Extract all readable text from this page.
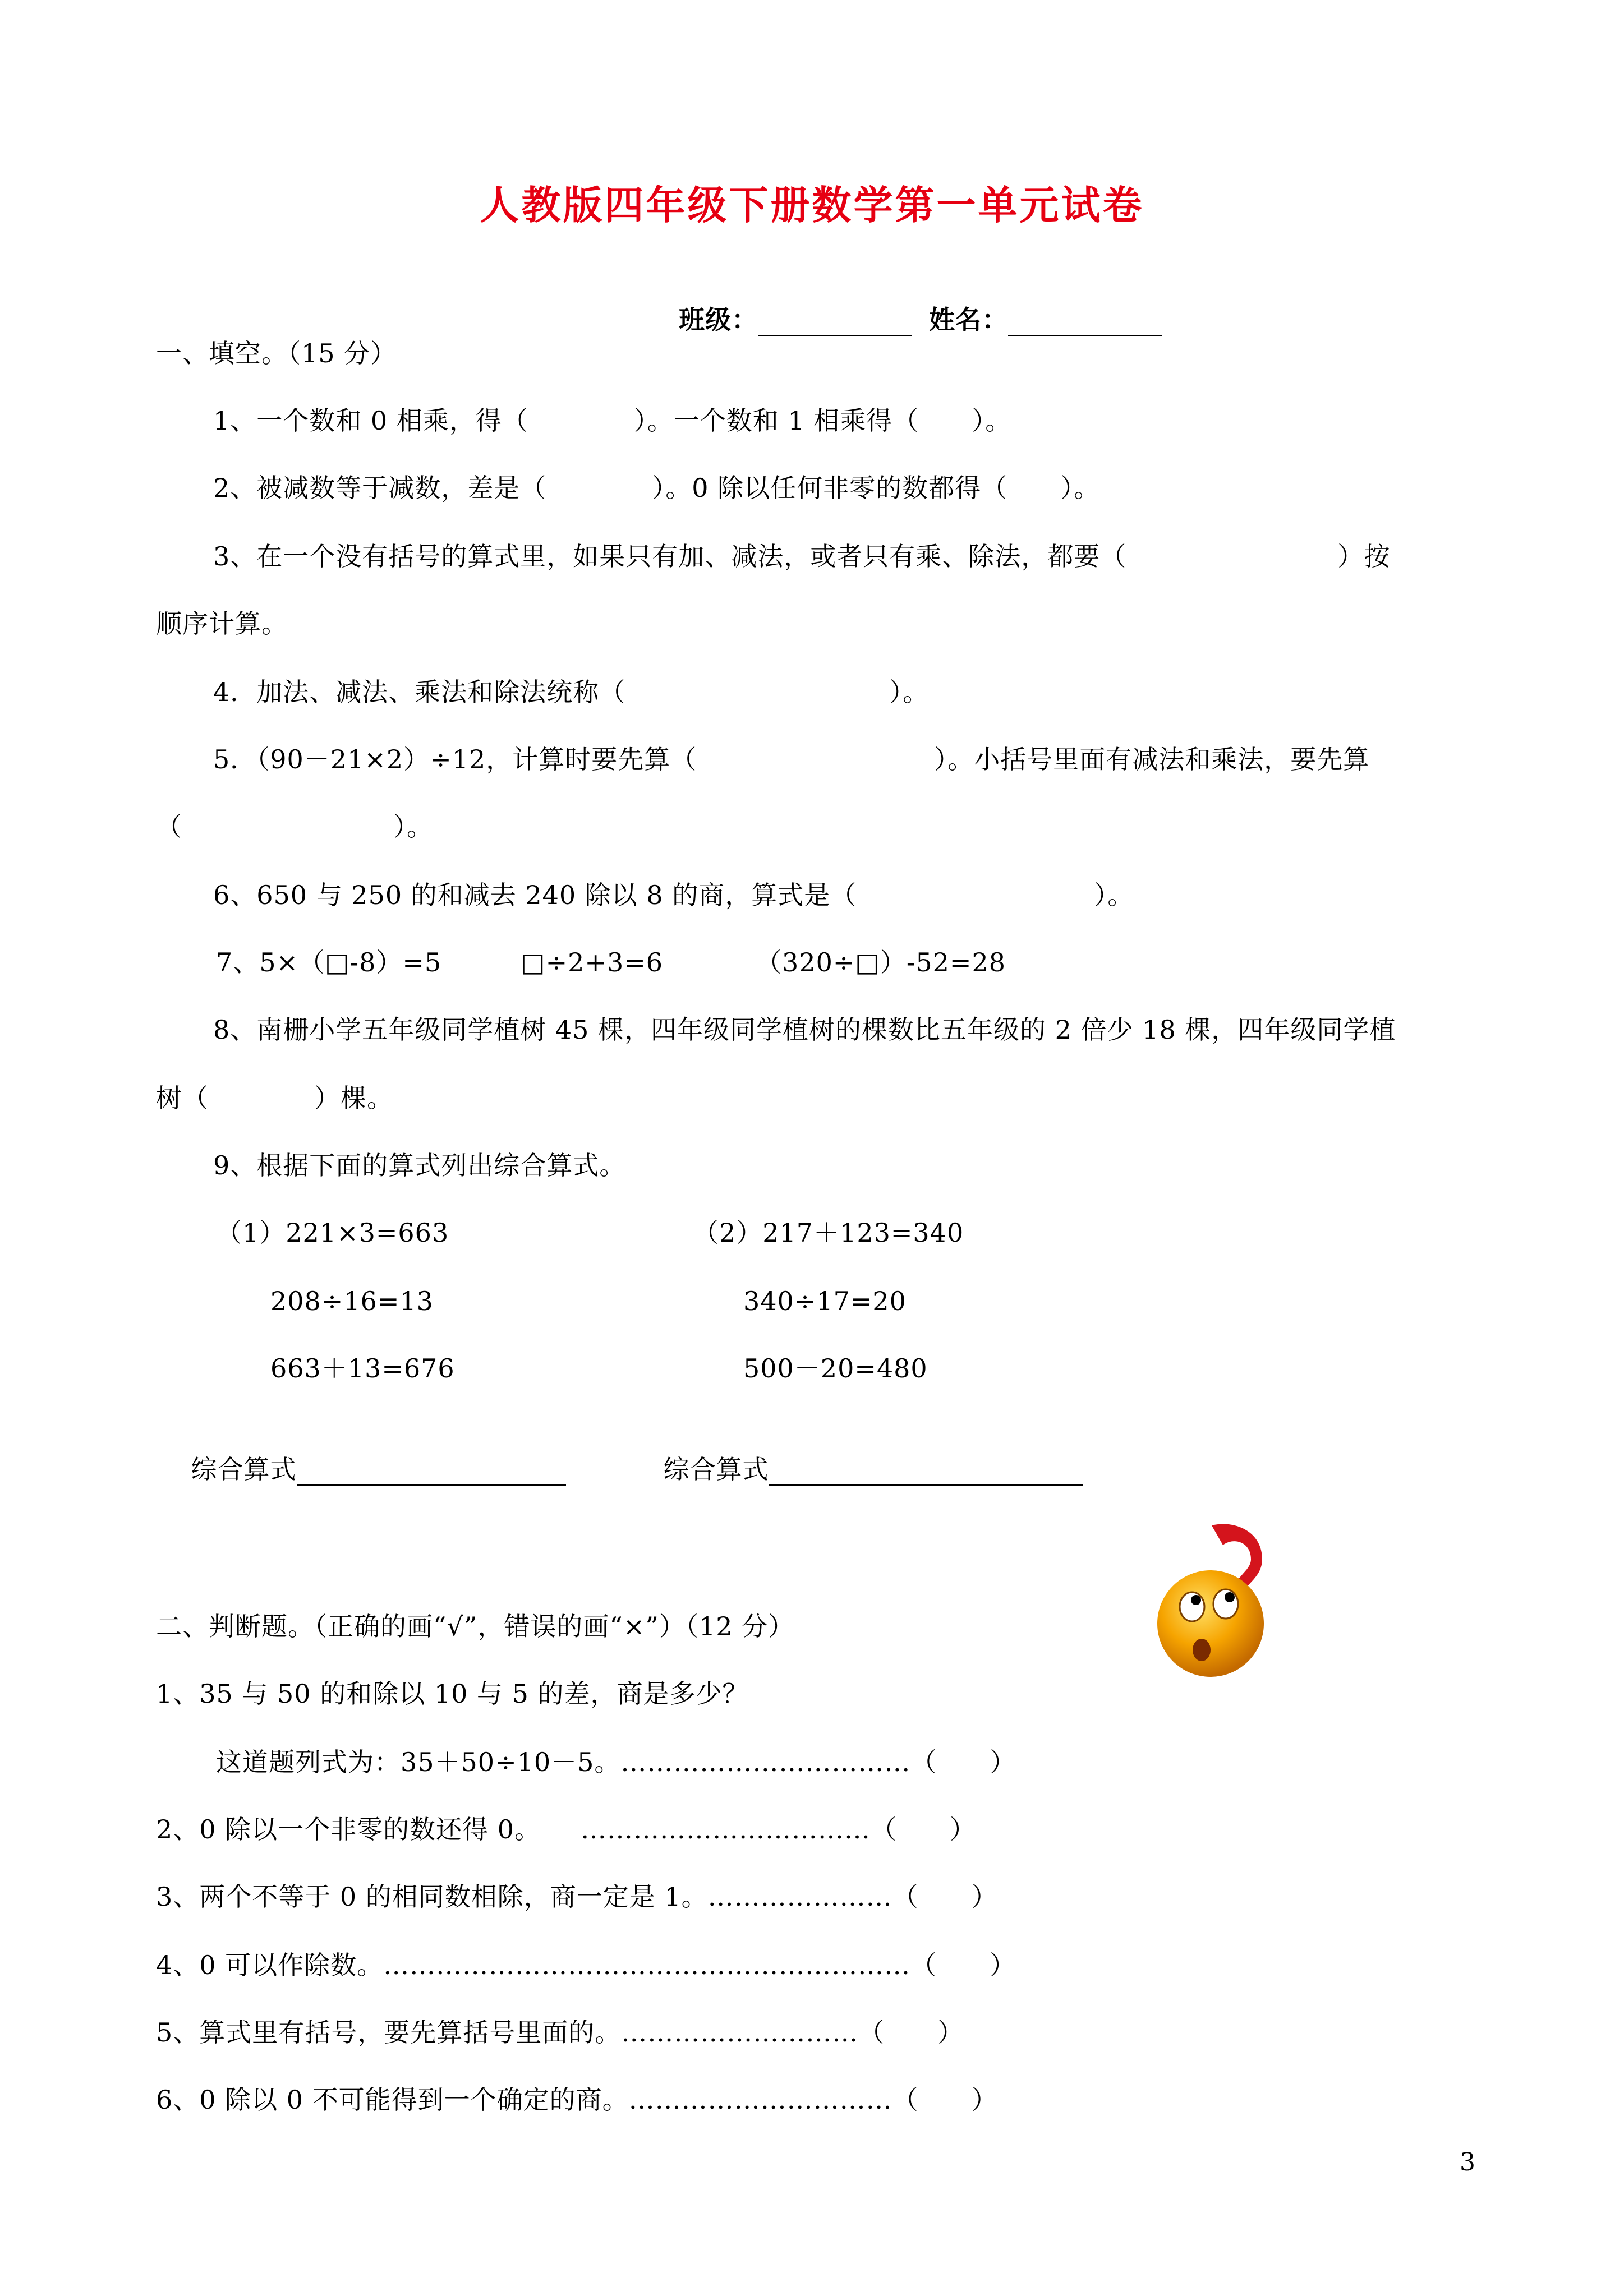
人教版四年级下册数学第一单元试卷

班级：	姓名：

一、填空。（15 分）
1、一个数和 0 相乘，得（　　　　）。一个数和 1 相乘得（　　）。
2、被减数等于减数，差是（　　　　）。0 除以任何非零的数都得（　　）。
3、在一个没有括号的算式里，如果只有加、减法，或者只有乘、除法，都要（　　　　　　　　）按
顺序计算。
4．加法、减法、乘法和除法统称（　　　　　　　　　　）。
5．（90－21×2）÷12，计算时要先算（　　　　　　　　　）。小括号里面有减法和乘法，要先算
（　　　　　　　　）。
6、650 与 250 的和减去 240 除以 8 的商，算式是（　　　　　　　　　）。
7、5×（□-8）=5　　　□÷2+3=6　　　　（320÷□）-52=28
8、南栅小学五年级同学植树 45 棵，四年级同学植树的棵数比五年级的 2 倍少 18 棵，四年级同学植
树（　　　　）棵。
9、根据下面的算式列出综合算式。
（1）221×3=663
208÷16=13
663＋13=676
（2）217＋123=340
340÷17=20
500－20=480

综合算式
	综合算式

二、判断题。（正确的画“√”，错误的画“×”）（12 分）
1、35 与 50 的和除以 10 与 5 的差，商是多少？
这道题列式为：35＋50÷10－5。……………………………（　　）
2、0 除以一个非零的数还得 0。　　……………………………（　　）
3、两个不等于 0 的相同数相除，商一定是 1。…………………（　　）
4、0 可以作除数。……………………………………………………（　　）
5、算式里有括号，要先算括号里面的。………………………（　　）
6、0 除以 0 不可能得到一个确定的商。…………………………（　　）
3
